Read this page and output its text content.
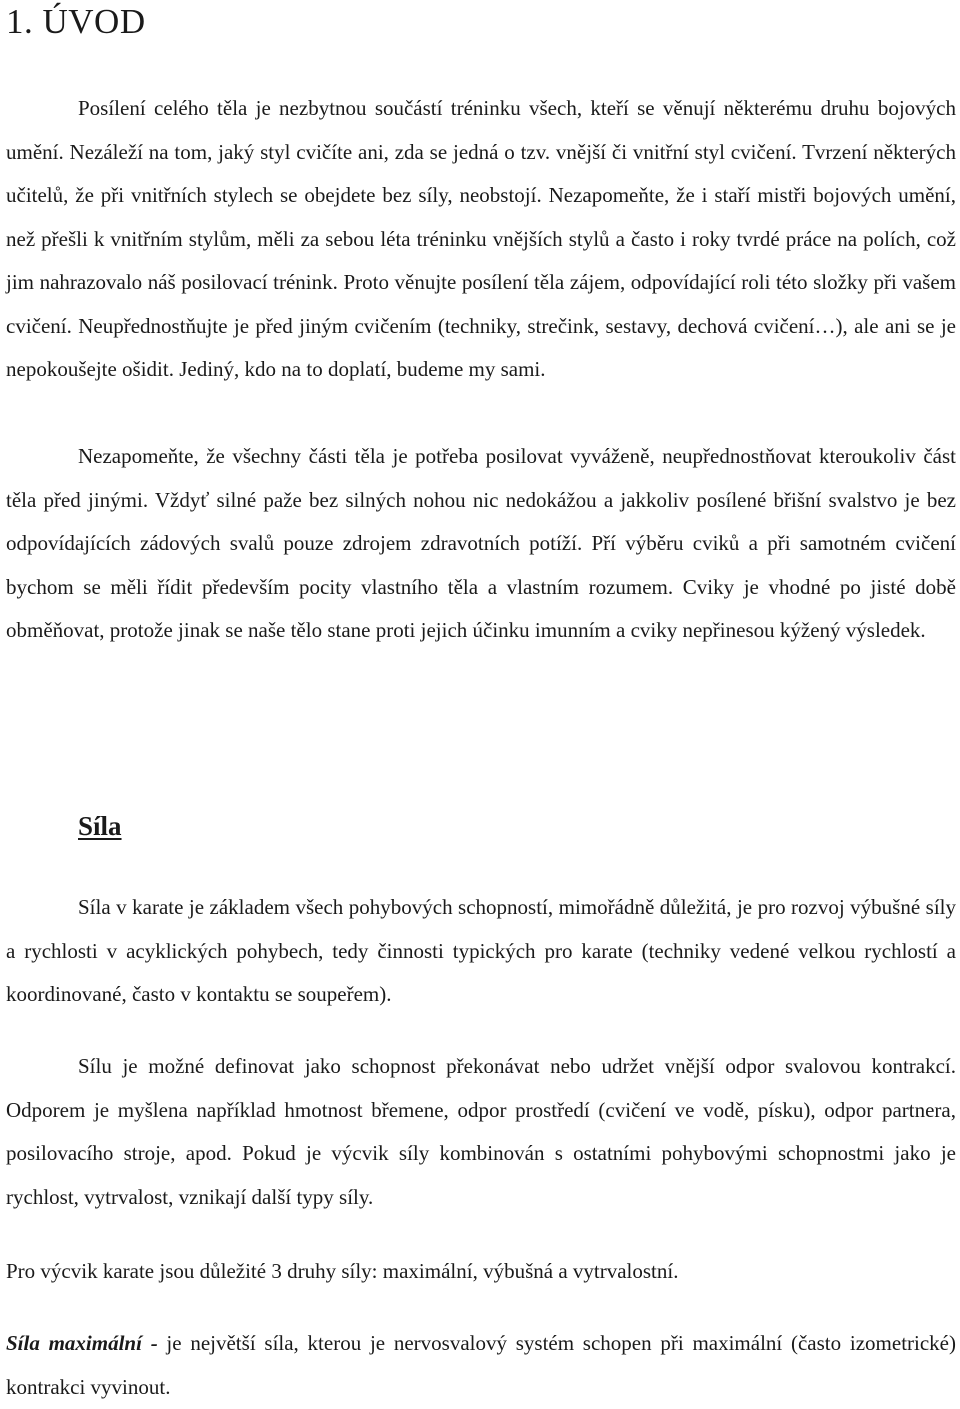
1. ÚVOD

Posílení celého těla je nezbytnou součástí tréninku všech, kteří se věnují některému druhu bojových umění. Nezáleží na tom, jaký styl cvičíte ani, zda se jedná o tzv. vnější či vnitřní styl cvičení. Tvrzení některých učitelů, že při vnitřních stylech se obejdete bez síly, neobstojí. Nezapomeňte, že i staří mistři bojových umění, než přešli k vnitřním stylům, měli za sebou léta tréninku vnějších stylů a často i roky tvrdé práce na polích, což jim nahrazovalo náš posilovací trénink. Proto věnujte posílení těla zájem, odpovídající roli této složky při vašem cvičení. Neupřednostňujte je před jiným cvičením (techniky, strečink, sestavy, dechová cvičení…), ale ani se je nepokoušejte ošidit. Jediný, kdo na to doplatí, budeme my sami.

Nezapomeňte, že všechny části těla je potřeba posilovat vyváženě, neupřednostňovat kteroukoliv část těla před jinými. Vždyť silné paže bez silných nohou nic nedokážou a jakkoliv posílené břišní svalstvo je bez odpovídajících zádových svalů pouze zdrojem zdravotních potíží. Pří výběru cviků a při samotném cvičení bychom se měli řídit především pocity vlastního těla a vlastním rozumem. Cviky je vhodné po jisté době obměňovat, protože jinak se naše tělo stane proti jejich účinku imunním a cviky nepřinesou kýžený výsledek.

Síla

Síla v karate je základem všech pohybových schopností, mimořádně důležitá, je pro rozvoj výbušné síly a rychlosti v acyklických pohybech, tedy činnosti typických pro karate (techniky vedené velkou rychlostí a koordinované, často v kontaktu se soupeřem).

Sílu je možné definovat jako schopnost překonávat nebo udržet vnější odpor svalovou kontrakcí. Odporem je myšlena například hmotnost břemene, odpor prostředí (cvičení ve vodě, písku), odpor partnera, posilovacího stroje, apod. Pokud je výcvik síly kombinován s ostatními pohybovými schopnostmi jako je rychlost, vytrvalost, vznikají další typy síly.

Pro výcvik karate jsou důležité 3 druhy síly: maximální, výbušná a vytrvalostní.

Síla maximální - je největší síla, kterou je nervosvalový systém schopen při maximální (často izometrické) kontrakci vyvinout.
